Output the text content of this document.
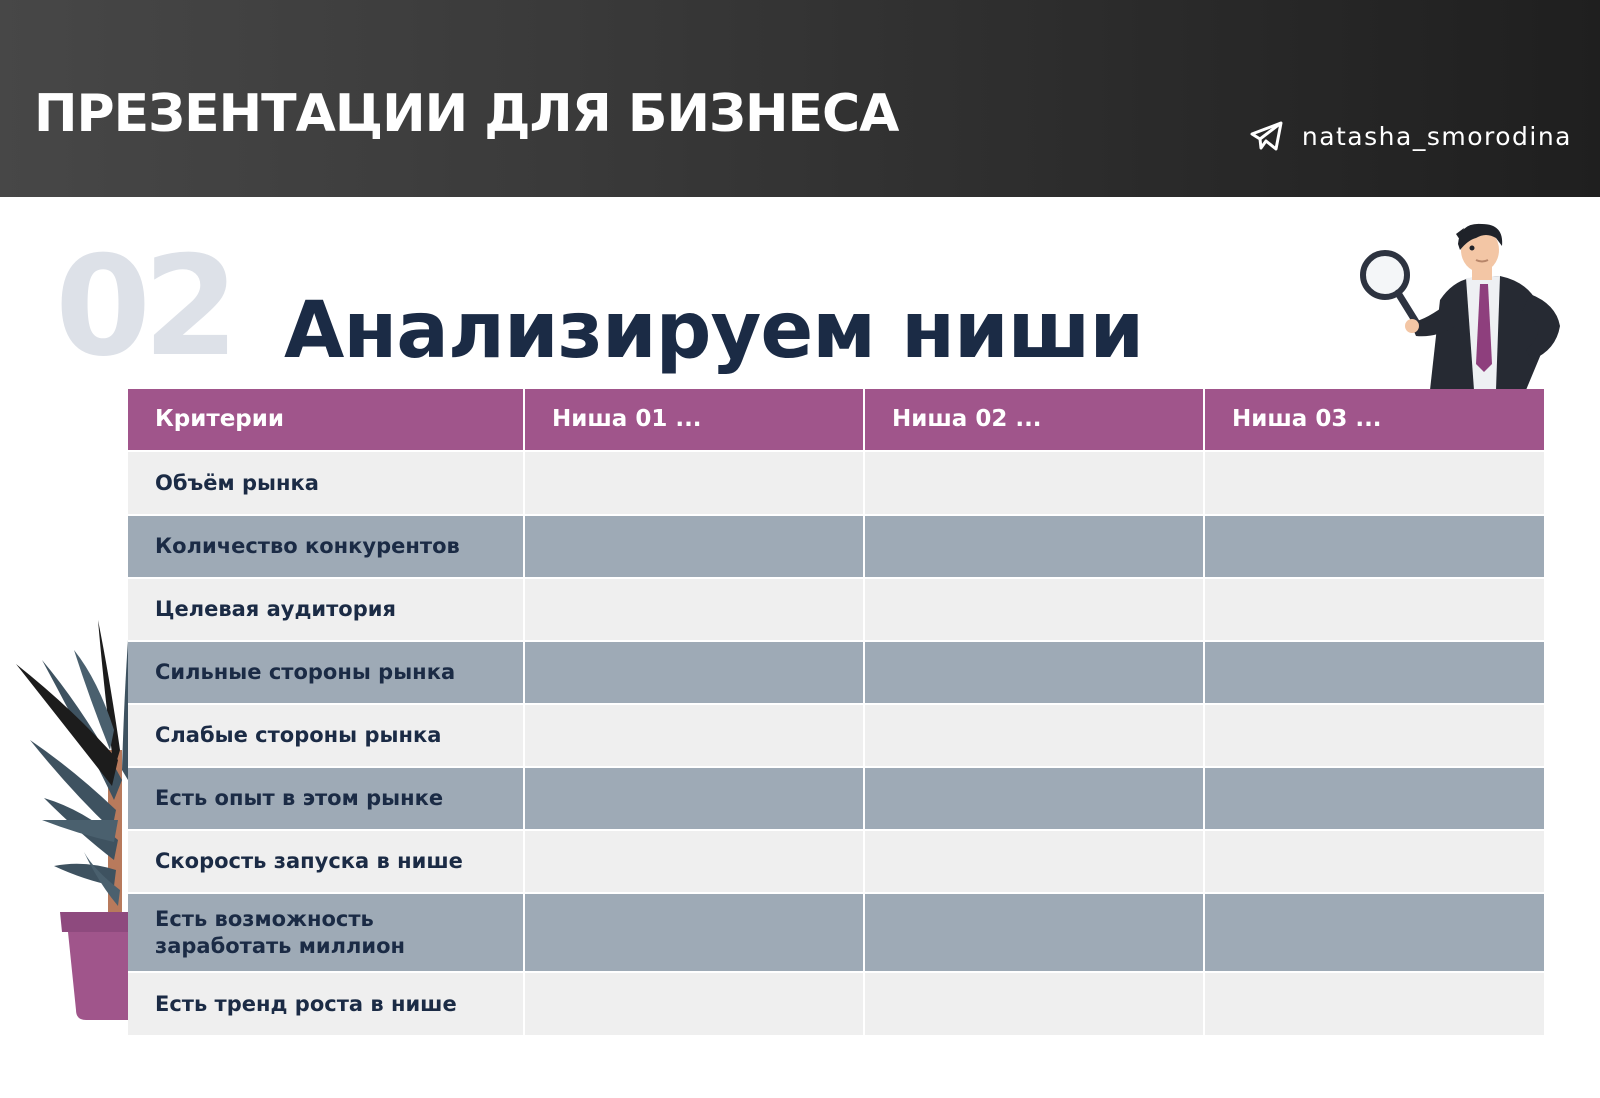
ПРЕЗЕНТАЦИИ ДЛЯ БИЗНЕСА	natasha_smorodina
02 Анализируем ниши
Критерии	Ниша 01 ...	Ниша 02 ...	Ниша 03 ...
Объём рынка
Количество конкурентов
Целевая аудитория
Сильные стороны рынка
Слабые стороны рынка
Есть опыт в этом рынке
Скорость запуска в нише
Есть возможность заработать миллион
Есть тренд роста в нише
